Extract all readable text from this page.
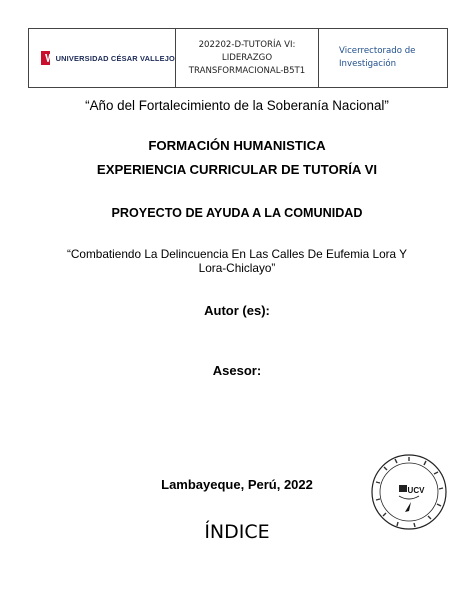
UNIVERSIDAD CÉSAR VALLEJO
202202-D-TUTORÍA VI: LIDERAZGO
TRANSFORMACIONAL-B5T1
Vicerrectorado de
Investigación
“Año del Fortalecimiento de la Soberanía Nacional”
FORMACIÓN HUMANISTICA
EXPERIENCIA CURRICULAR DE TUTORÍA VI
PROYECTO DE AYUDA A LA COMUNIDAD
“Combatiendo La Delincuencia En Las Calles De Eufemia Lora Y Lora-Chiclayo”
Autor (es):
Asesor:
Lambayeque, Perú, 2022
ÍNDICE
UCV
